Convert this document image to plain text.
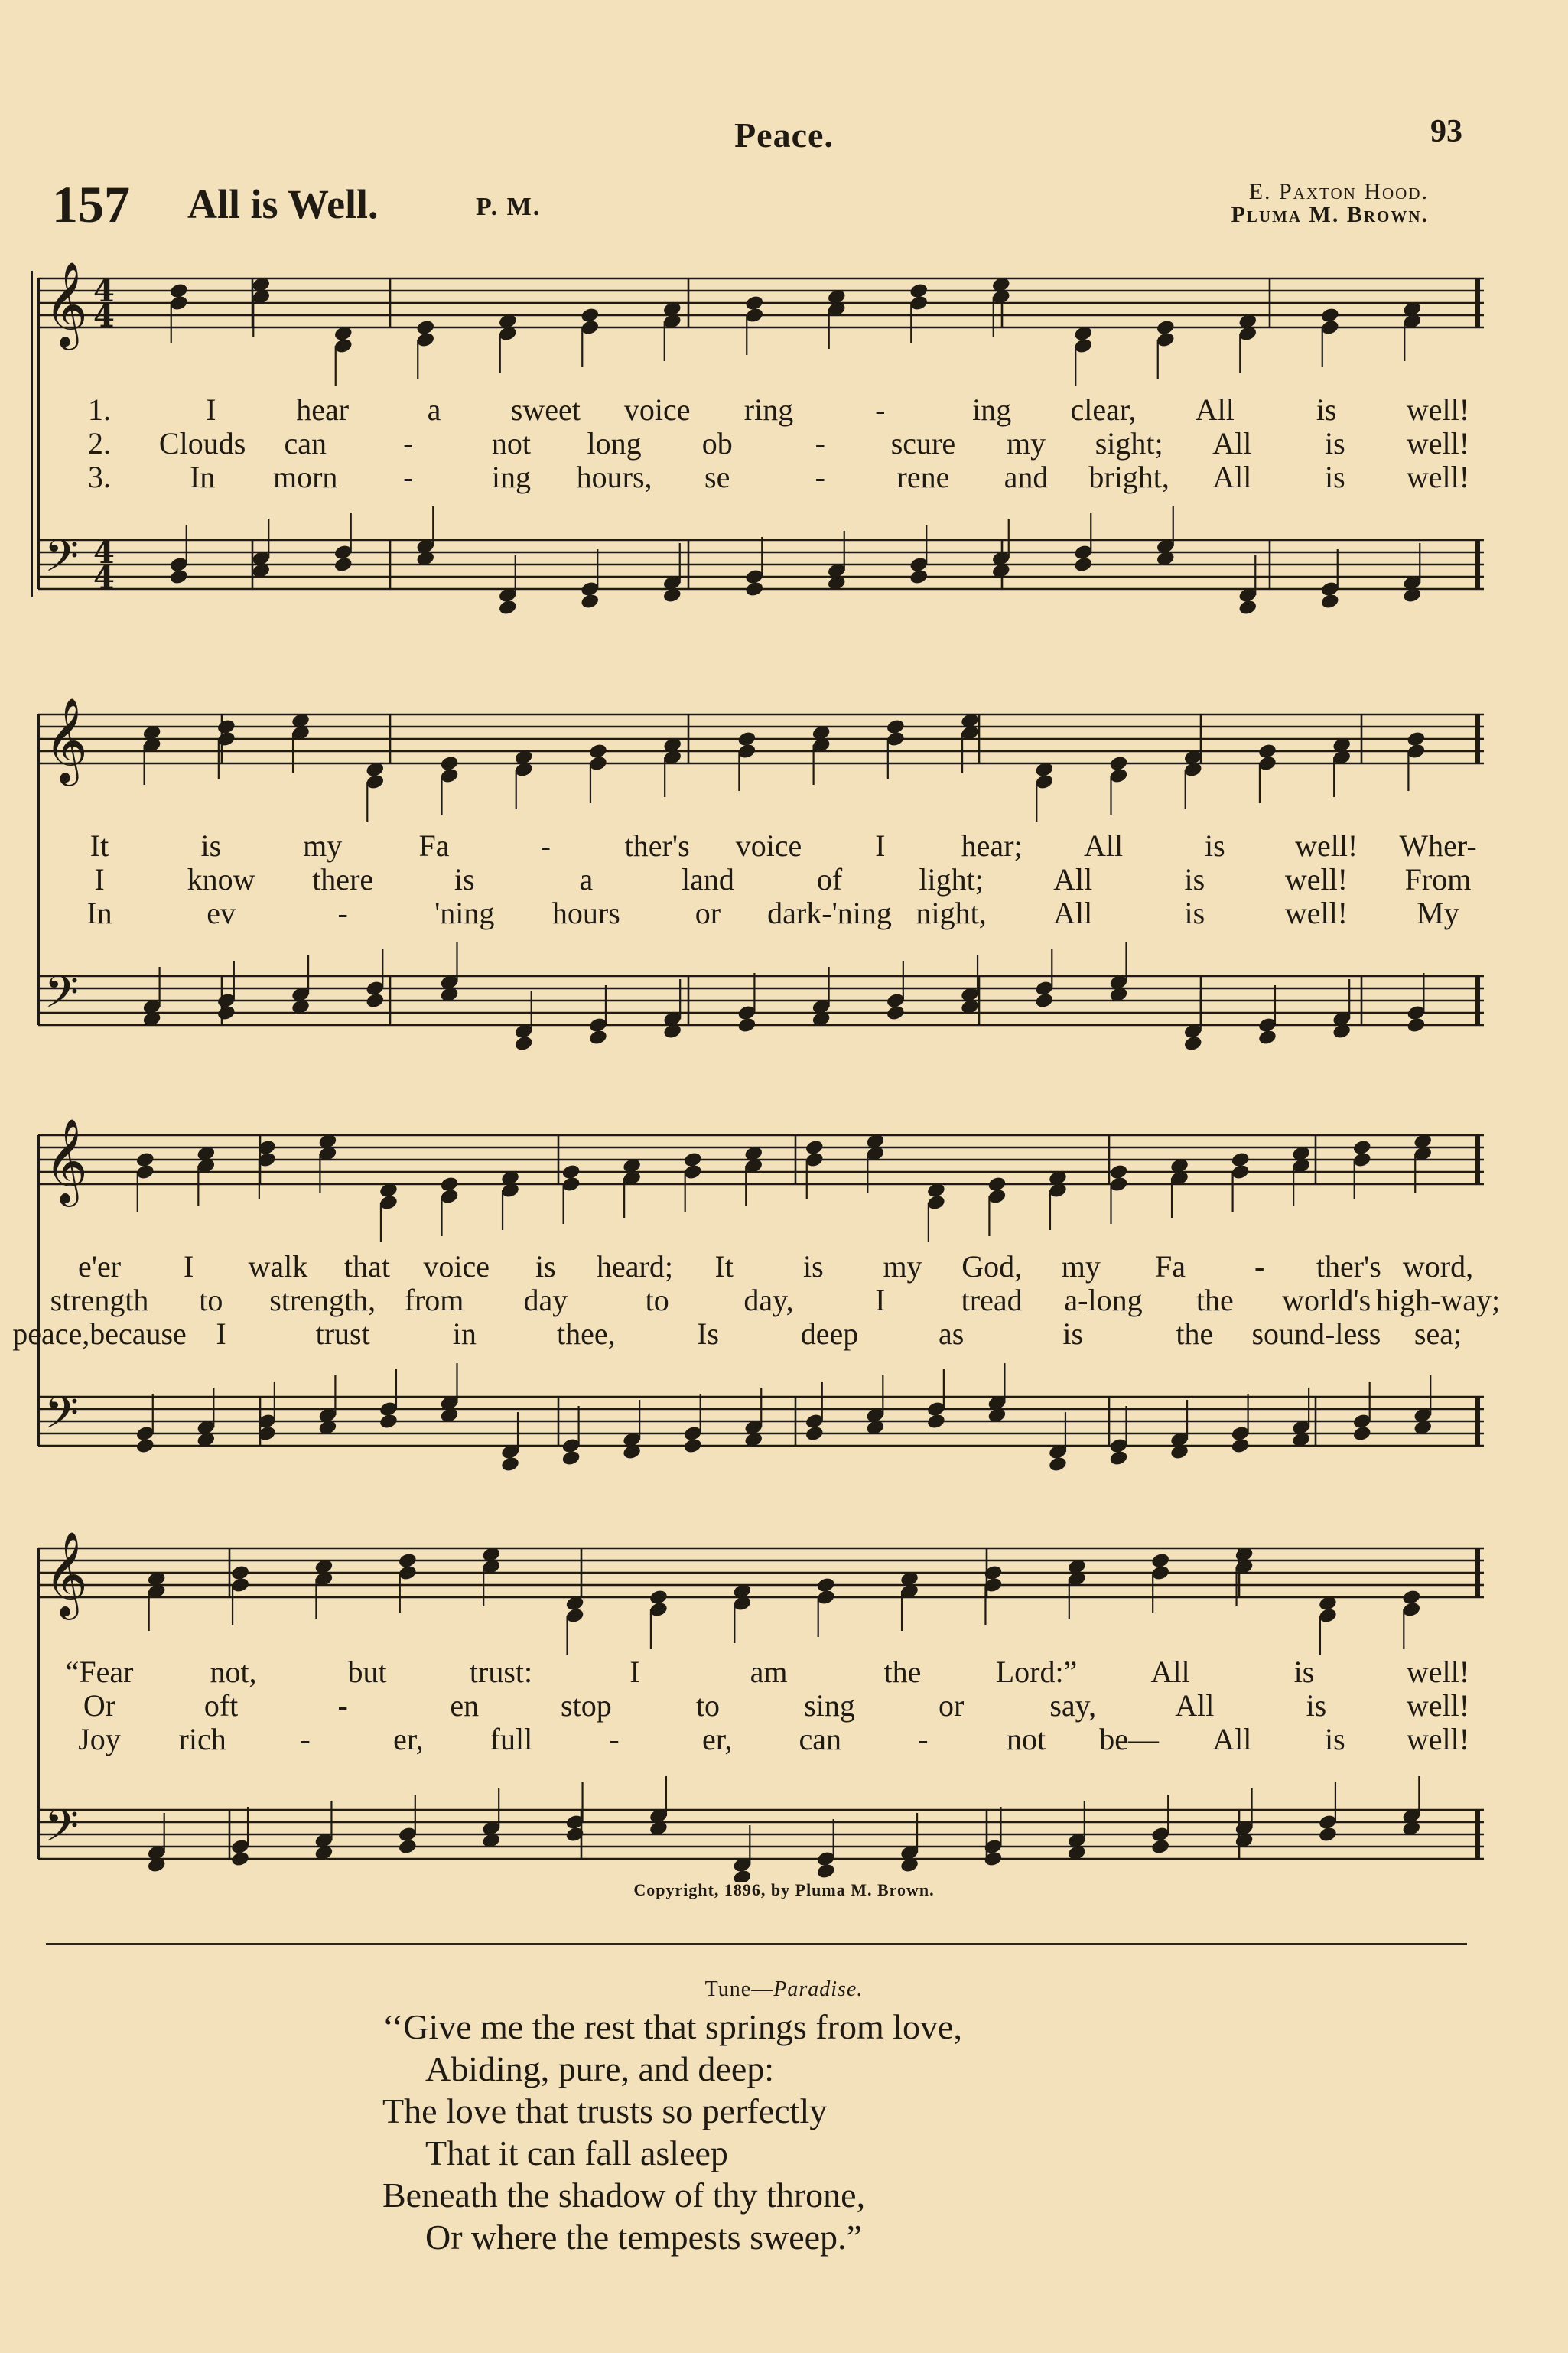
Peace.	93
157 All is Well.	P. M.
E. Paxton Hood.
Pluma M. Brown.
𝄞 4
4
𝄢 4
4
1.	I	hear	a sweet voice ring	-	ing clear, All	is well!
2. Clouds can	-	not long ob	- scure my sight; All is well!
3.	In morn -	ing hours, se	- rene and bright, All is well!
𝄞
𝄢
It	is	my	Fa	- ther's voice I hear; All	is well! Wher-
I	know there	is	a	land	of	light; All	is	well! From
In	ev	-	'ning hours or dark-'ning night, All	is	well! My
𝄞
𝄢
e'er I walk that voice is heard; It is my God, my Fa - ther's word,
strength to strength, from day	to day,	I tread a-long the world's high-way;
peace,because I	trust	in	thee,	Is	deep	as	is	the sound-less sea;
𝄞
𝄢
“Fear	not,	but	trust:	I	am	the Lord:” All	is	well!
Or	oft	-	en	stop	to	sing	or	say,	All	is	well!
Joy rich -	er, full	-	er, can	-	not be— All is well!
Copyright, 1896, by Pluma M. Brown.
Tune—Paradise.
‘‘Give me the rest that springs from love,
Abiding, pure, and deep:
The love that trusts so perfectly
That it can fall asleep
Beneath the shadow of thy throne,
Or where the tempests sweep.”
